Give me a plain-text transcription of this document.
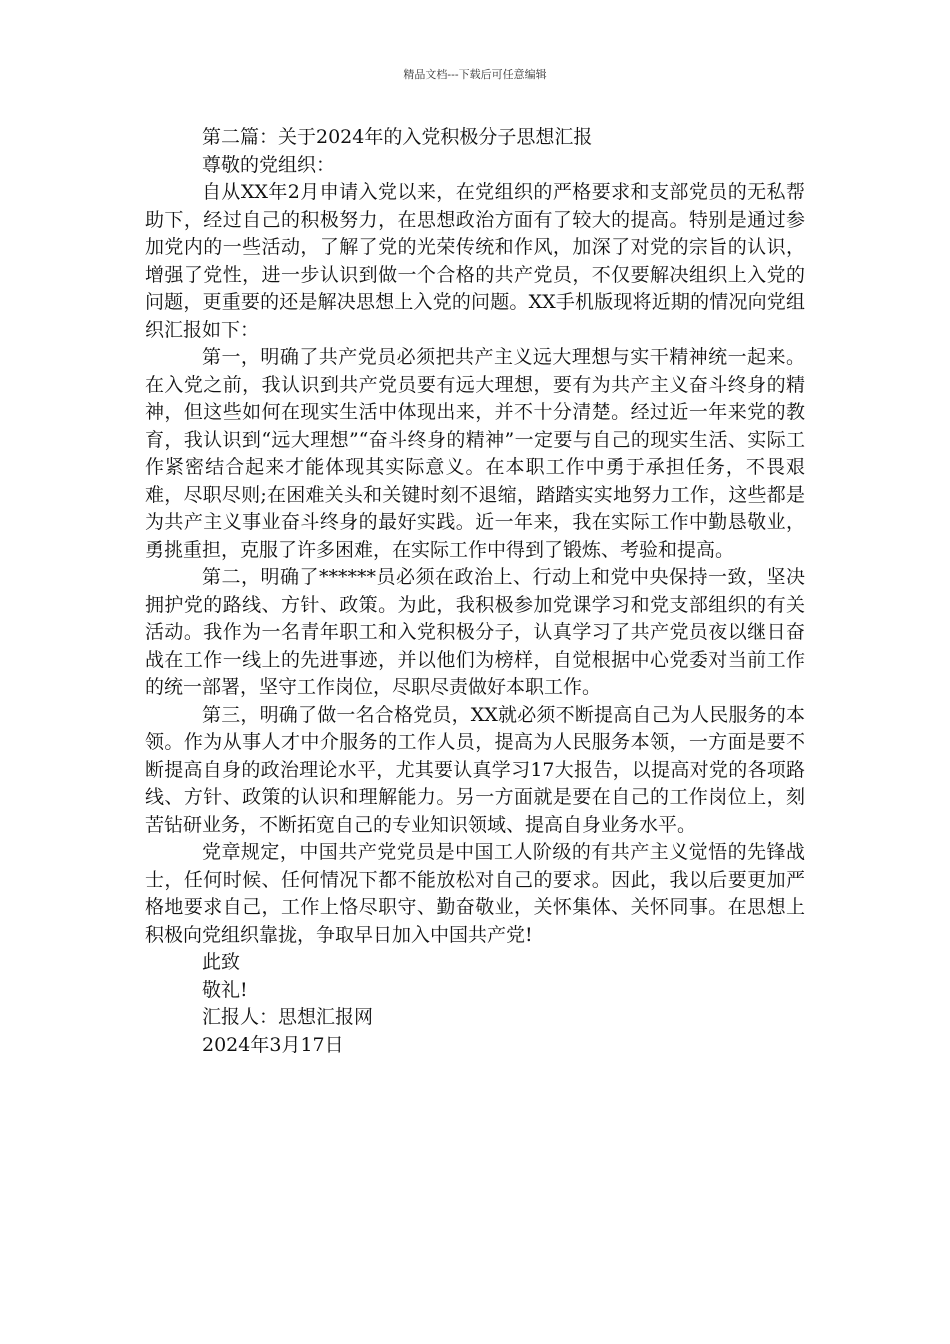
精品文档---下载后可任意编辑
第二篇：关于2024年的入党积极分子思想汇报
尊敬的党组织：

自从XX年2月申请入党以来，在党组织的严格要求和支部党员的无私帮助下，经过自己的积极努力，在思想政治方面有了较大的提高。特别是通过参加党内的一些活动，了解了党的光荣传统和作风，加深了对党的宗旨的认识，增强了党性，进一步认识到做一个合格的共产党员，不仅要解决组织上入党的问题，更重要的还是解决思想上入党的问题。XX手机版现将近期的情况向党组织汇报如下：

第一，明确了共产党员必须把共产主义远大理想与实干精神统一起来。在入党之前，我认识到共产党员要有远大理想，要有为共产主义奋斗终身的精神，但这些如何在现实生活中体现出来，并不十分清楚。经过近一年来党的教育，我认识到“远大理想”“奋斗终身的精神”一定要与自己的现实生活、实际工作紧密结合起来才能体现其实际意义。在本职工作中勇于承担任务，不畏艰难，尽职尽则;在困难关头和关键时刻不退缩，踏踏实实地努力工作，这些都是为共产主义事业奋斗终身的最好实践。近一年来，我在实际工作中勤恳敬业，勇挑重担，克服了许多困难，在实际工作中得到了锻炼、考验和提高。

第二，明确了******员必须在政治上、行动上和党中央保持一致，坚决拥护党的路线、方针、政策。为此，我积极参加党课学习和党支部组织的有关活动。我作为一名青年职工和入党积极分子，认真学习了共产党员夜以继日奋战在工作一线上的先进事迹，并以他们为榜样，自觉根据中心党委对当前工作的统一部署，坚守工作岗位，尽职尽责做好本职工作。

第三，明确了做一名合格党员，XX就必须不断提高自己为人民服务的本领。作为从事人才中介服务的工作人员，提高为人民服务本领，一方面是要不断提高自身的政治理论水平，尤其要认真学习17大报告，以提高对党的各项路线、方针、政策的认识和理解能力。另一方面就是要在自己的工作岗位上，刻苦钻研业务，不断拓宽自己的专业知识领域、提高自身业务水平。

党章规定，中国共产党党员是中国工人阶级的有共产主义觉悟的先锋战士，任何时候、任何情况下都不能放松对自己的要求。因此，我以后要更加严格地要求自己，工作上恪尽职守、勤奋敬业，关怀集体、关怀同事。在思想上积极向党组织靠拢，争取早日加入中国共产党!

此致
敬礼!
汇报人：思想汇报网
2024年3月17日
